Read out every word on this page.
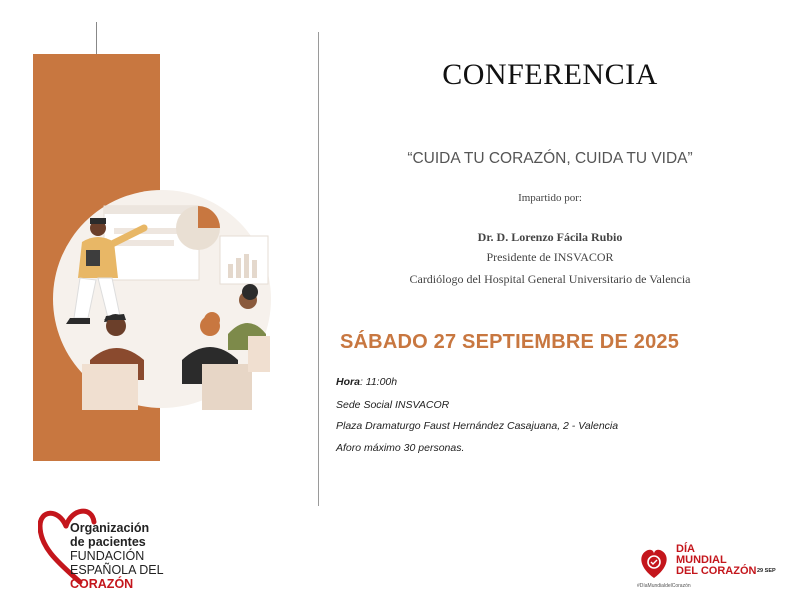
CONFERENCIA
“CUIDA TU CORAZÓN, CUIDA TU VIDA”
Impartido por:
Dr. D. Lorenzo Fácila Rubio
Presidente de INSVACOR
Cardiólogo del Hospital General Universitario de Valencia
SÁBADO 27 SEPTIEMBRE DE 2025
Hora: 11:00h
Sede Social INSVACOR
Plaza Dramaturgo Faust Hernández Casajuana, 2 - Valencia
Aforo máximo 30 personas.
Organización
de pacientes
FUNDACIÓN
ESPAÑOLA DEL
CORAZÓN
DÍA
MUNDIAL
DEL CORAZÓN 29 SEP
#DíaMundialdelCorazón
